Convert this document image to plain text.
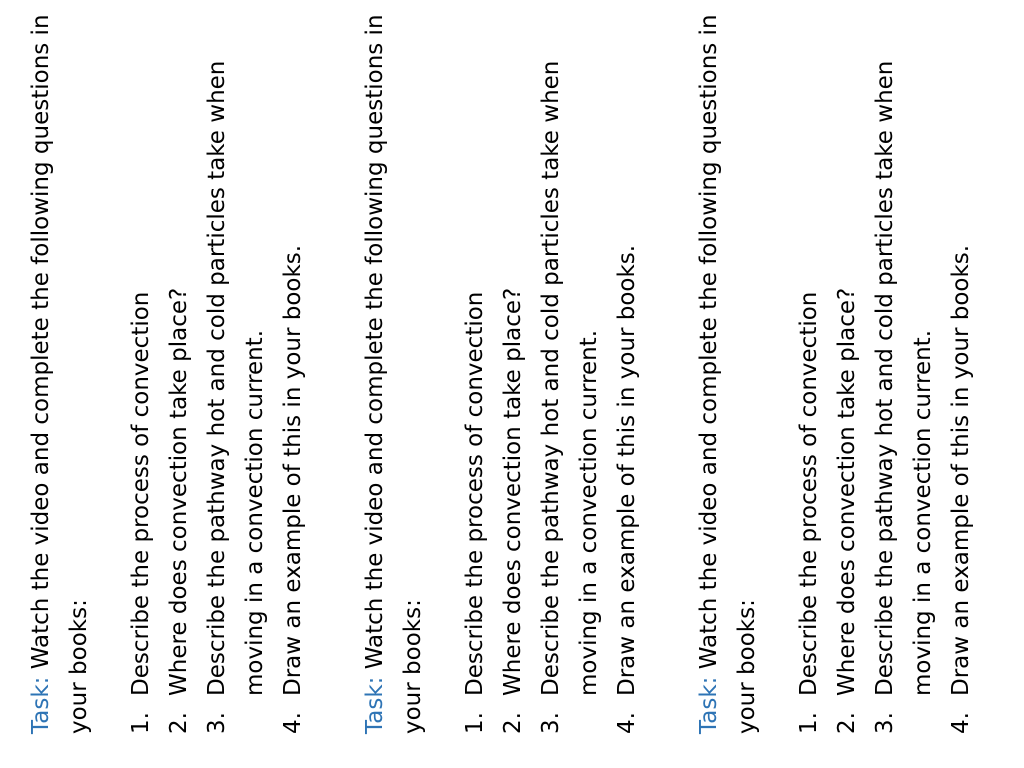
Task: Watch the video and complete the following questions in your books: 1.
Describe the process of convection
2.
Where does convection take place?
3.
Describe the pathway hot and cold particles take when moving in a convection current.
4.
Draw an example of this in your books.

Task: Watch the video and complete the following questions in your books: 1.
Describe the process of convection
2.
Where does convection take place?
3.
Describe the pathway hot and cold particles take when moving in a convection current.
4.
Draw an example of this in your books.

Task: Watch the video and complete the following questions in your books: 1.
Describe the process of convection
2.
Where does convection take place?
3.
Describe the pathway hot and cold particles take when moving in a convection current.
4.
Draw an example of this in your books.
